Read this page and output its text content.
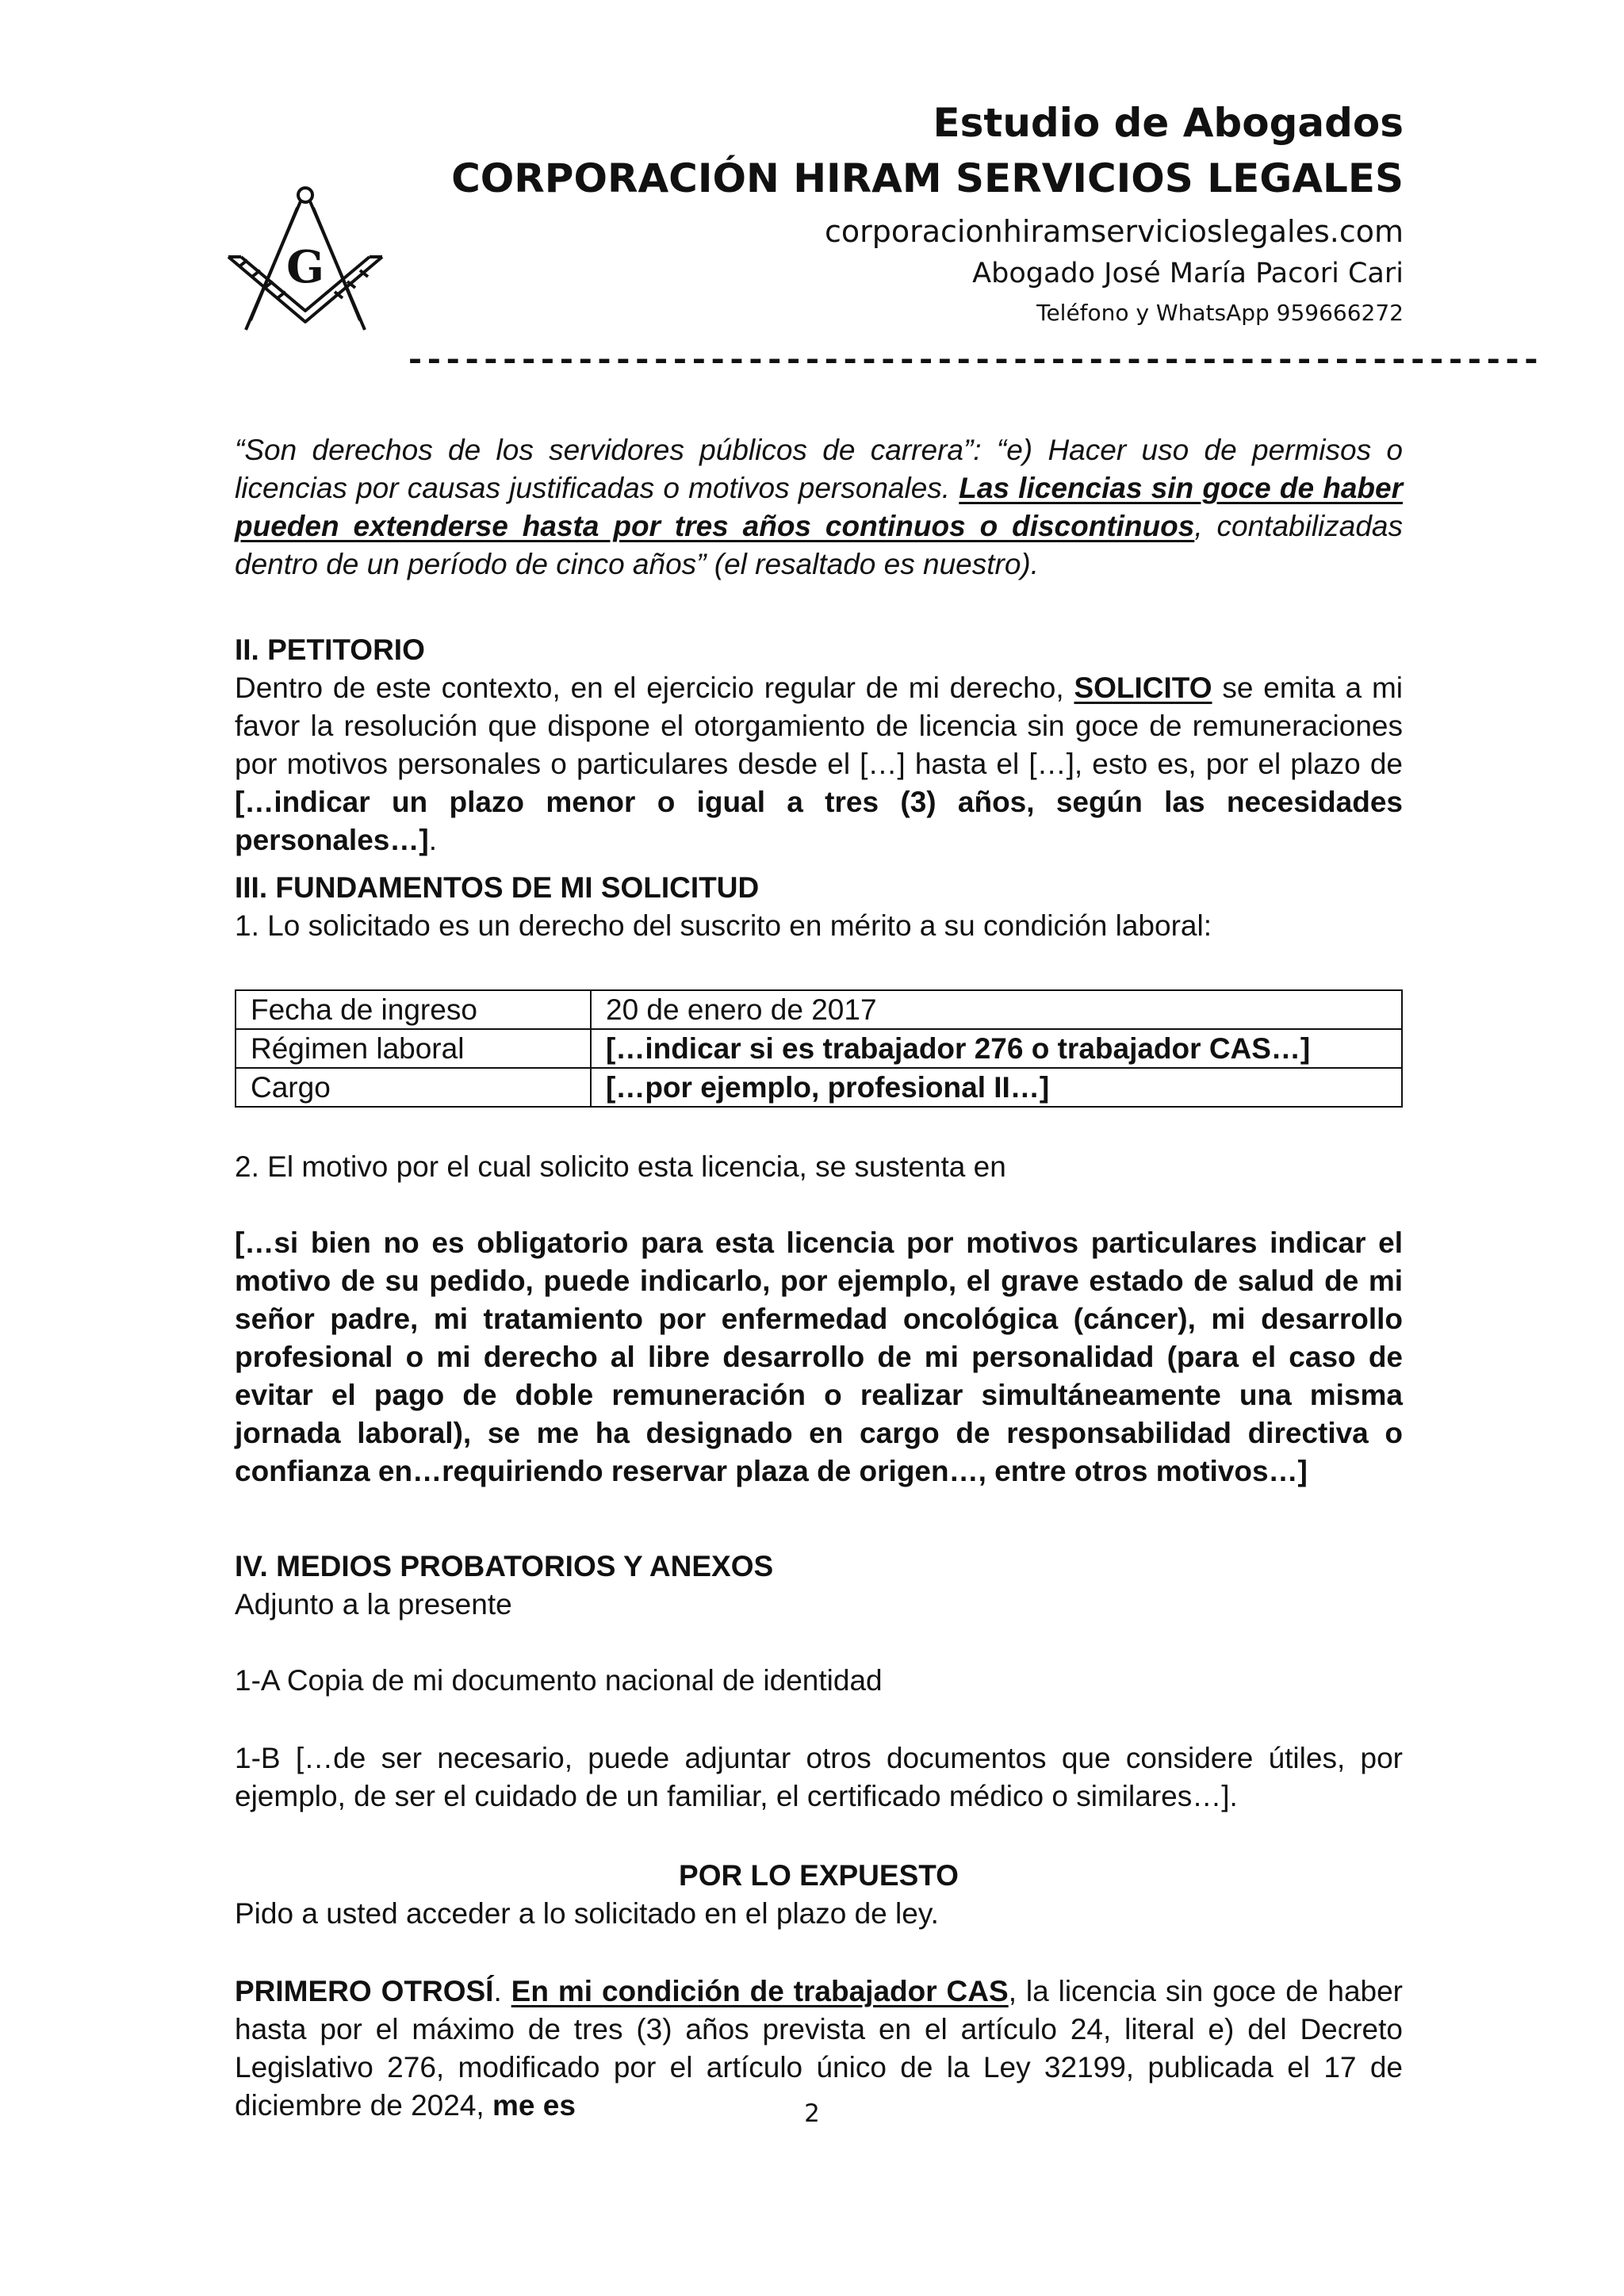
G
Estudio de Abogados
CORPORACIÓN HIRAM SERVICIOS LEGALES
corporacionhiramservicioslegales.com
Abogado José María Pacori Cari
Teléfono y WhatsApp 959666272
------------------------------------------------------------

“Son derechos de los servidores públicos de carrera”: “e) Hacer uso de permisos o licencias por causas justificadas o motivos personales. Las licencias sin goce de haber pueden extenderse hasta por tres años continuos o discontinuos, contabilizadas dentro de un período de cinco años” (el resaltado es nuestro).

II. PETITORIO

Dentro de este contexto, en el ejercicio regular de mi derecho, SOLICITO se emita a mi favor la resolución que dispone el otorgamiento de licencia sin goce de remuneraciones por motivos personales o particulares desde el […] hasta el […], esto es, por el plazo de […indicar un plazo menor o igual a tres (3) años, según las necesidades personales…].

III. FUNDAMENTOS DE MI SOLICITUD

1. Lo solicitado es un derecho del suscrito en mérito a su condición laboral:

Fecha de ingreso	20 de enero de 2017
Régimen laboral	[…indicar si es trabajador 276 o trabajador CAS…]
Cargo	[…por ejemplo, profesional II…]

2. El motivo por el cual solicito esta licencia, se sustenta en

[…si bien no es obligatorio para esta licencia por motivos particulares indicar el motivo de su pedido, puede indicarlo, por ejemplo, el grave estado de salud de mi señor padre, mi tratamiento por enfermedad oncológica (cáncer), mi desarrollo profesional o mi derecho al libre desarrollo de mi personalidad (para el caso de evitar el pago de doble remuneración o realizar simultáneamente una misma jornada laboral), se me ha designado en cargo de responsabilidad directiva o confianza en…requiriendo reservar plaza de origen…, entre otros motivos…]

IV. MEDIOS PROBATORIOS Y ANEXOS

Adjunto a la presente

1-A Copia de mi documento nacional de identidad

1-B […de ser necesario, puede adjuntar otros documentos que considere útiles, por ejemplo, de ser el cuidado de un familiar, el certificado médico o similares…].

POR LO EXPUESTO

Pido a usted acceder a lo solicitado en el plazo de ley.

PRIMERO OTROSÍ. En mi condición de trabajador CAS, la licencia sin goce de haber hasta por el máximo de tres (3) años prevista en el artículo 24, literal e) del Decreto Legislativo 276, modificado por el artículo único de la Ley 32199, publicada el 17 de diciembre de 2024, me es	2
